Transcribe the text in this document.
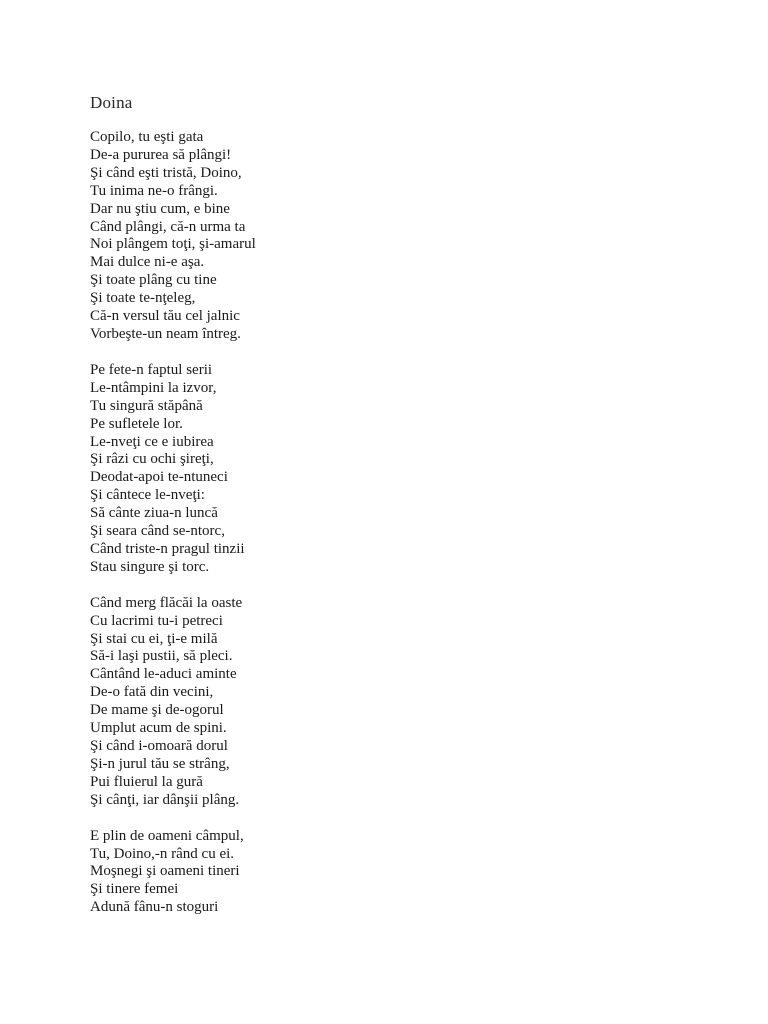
Doina
Copilo, tu eşti gata
De-a pururea să plângi!
Şi când eşti tristă, Doino,
Tu inima ne-o frângi.
Dar nu ştiu cum, e bine
Când plângi, că-n urma ta
Noi plângem toţi, şi-amarul
Mai dulce ni-e aşa.
Şi toate plâng cu tine
Şi toate te-nţeleg,
Că-n versul tău cel jalnic
Vorbeşte-un neam întreg.
Pe fete-n faptul serii
Le-ntâmpini la izvor,
Tu singură stăpână
Pe sufletele lor.
Le-nveţi ce e iubirea
Şi râzi cu ochi şireţi,
Deodat-apoi te-ntuneci
Şi cântece le-nveţi:
Să cânte ziua-n luncă
Şi seara când se-ntorc,
Când triste-n pragul tinzii
Stau singure şi torc.
Când merg flăcăi la oaste
Cu lacrimi tu-i petreci
Şi stai cu ei, ţi-e milă
Să-i laşi pustii, să pleci.
Cântând le-aduci aminte
De-o fată din vecini,
De mame şi de-ogorul
Umplut acum de spini.
Şi când i-omoară dorul
Şi-n jurul tău se strâng,
Pui fluierul la gură
Şi cânţi, iar dânşii plâng.
E plin de oameni câmpul,
Tu, Doino,-n rând cu ei.
Moşnegi şi oameni tineri
Şi tinere femei
Adună fânu-n stoguri
